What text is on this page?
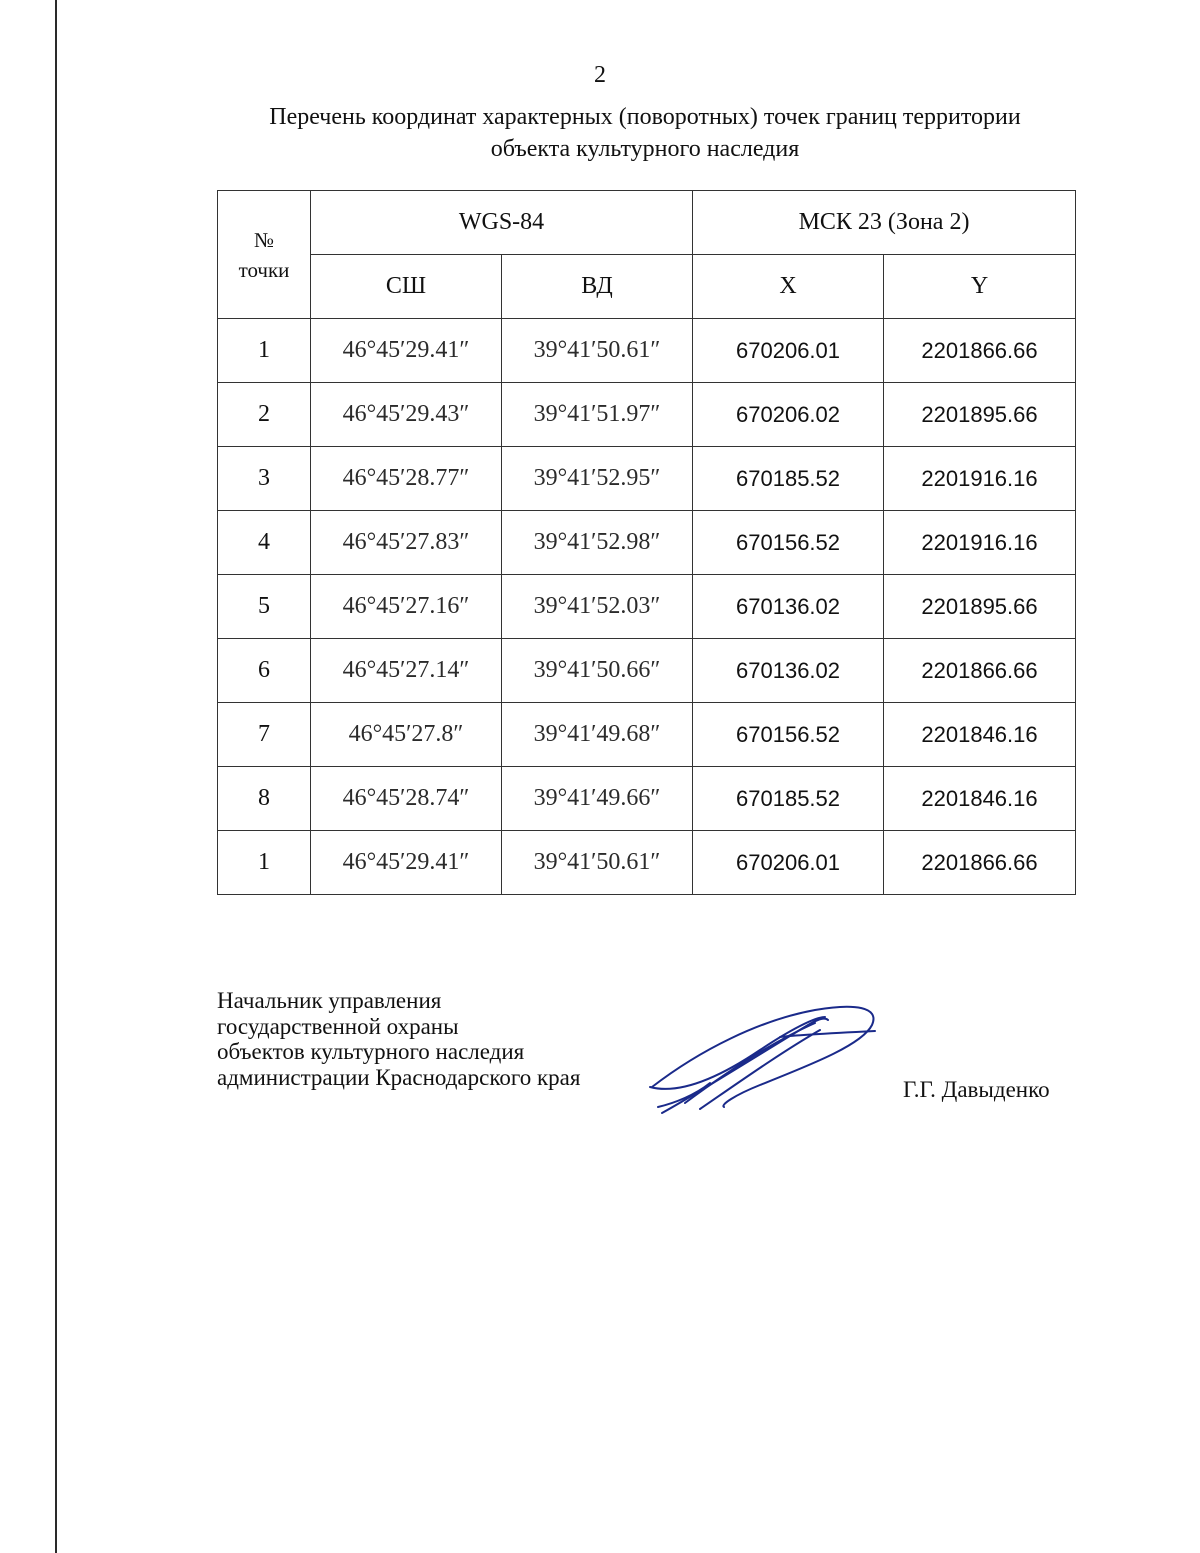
2
Перечень координат характерных (поворотных) точек границ территории
объекта культурного наследия
№
точки	WGS-84		МСК 23 (Зона 2)	
	СШ	ВД	X	Y
1	46°45′29.41″	39°41′50.61″	670206.01	2201866.66
2	46°45′29.43″	39°41′51.97″	670206.02	2201895.66
3	46°45′28.77″	39°41′52.95″	670185.52	2201916.16
4	46°45′27.83″	39°41′52.98″	670156.52	2201916.16
5	46°45′27.16″	39°41′52.03″	670136.02	2201895.66
6	46°45′27.14″	39°41′50.66″	670136.02	2201866.66
7	46°45′27.8″	39°41′49.68″	670156.52	2201846.16
8	46°45′28.74″	39°41′49.66″	670185.52	2201846.16
1	46°45′29.41″	39°41′50.61″	670206.01	2201866.66
Начальник управления
государственной охраны
объектов культурного наследия
администрации Краснодарского края	Г.Г. Давыденко
